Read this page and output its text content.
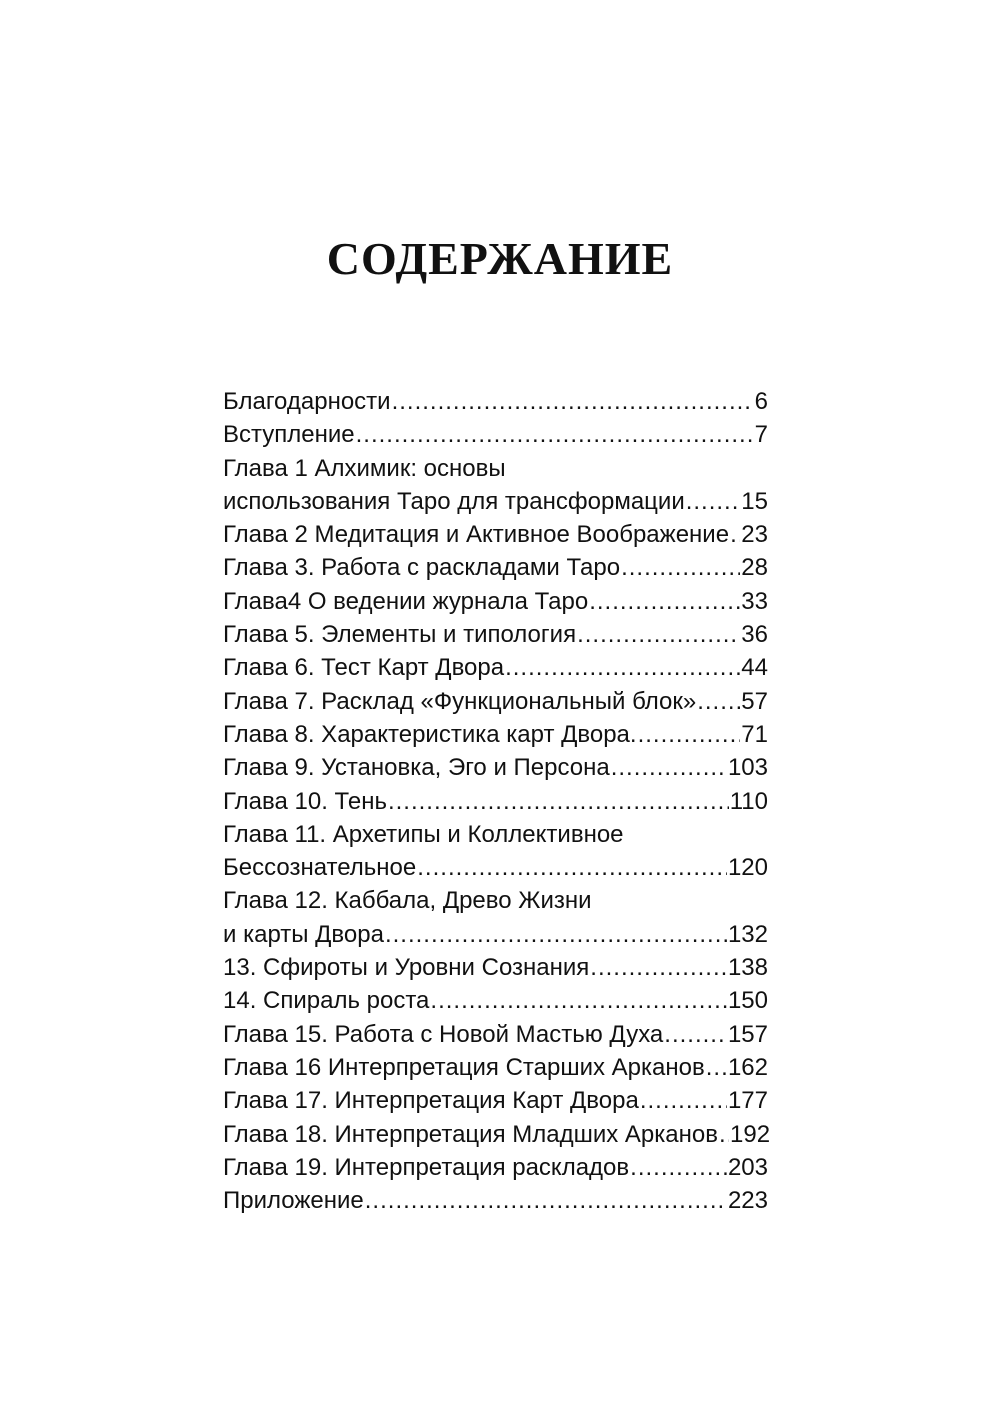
СОДЕРЖАНИЕ
Благодарности .....	6
Вступление .....	7
Глава 1 Алхимик: основы
использования Таро для трансформации ..... 15
Глава 2 Медитация и Активное Воображение ..... 23
Глава 3. Работа с раскладами Таро .....	28
Глава4 О ведении журнала Таро .....	33
Глава 5. Элементы и типология .....	36
Глава 6. Тест Карт Двора .....	44
Глава 7. Расклад «Функциональный блок» ..... 57
Глава 8. Характеристика карт Двора. .....	71
Глава 9. Установка, Эго и Персона .....	103
Глава 10. Тень .....	110
Глава 11. Архетипы и Коллективное
Бессознательное .....	120
Глава 12. Каббала, Древо Жизни
и карты Двора .....	132
13. Сфироты и Уровни Сознания .....	138
14. Спираль роста .....	150
Глава 15. Работа с Новой Мастью Духа .....	157
Глава 16 Интерпретация Старших Арканов ..... 162
Глава 17. Интерпретация Карт Двора .....	177
Глава 18. Интерпретация Младших Арканов ..... 192
Глава 19. Интерпретация раскладов .....	203
Приложение .....	223
